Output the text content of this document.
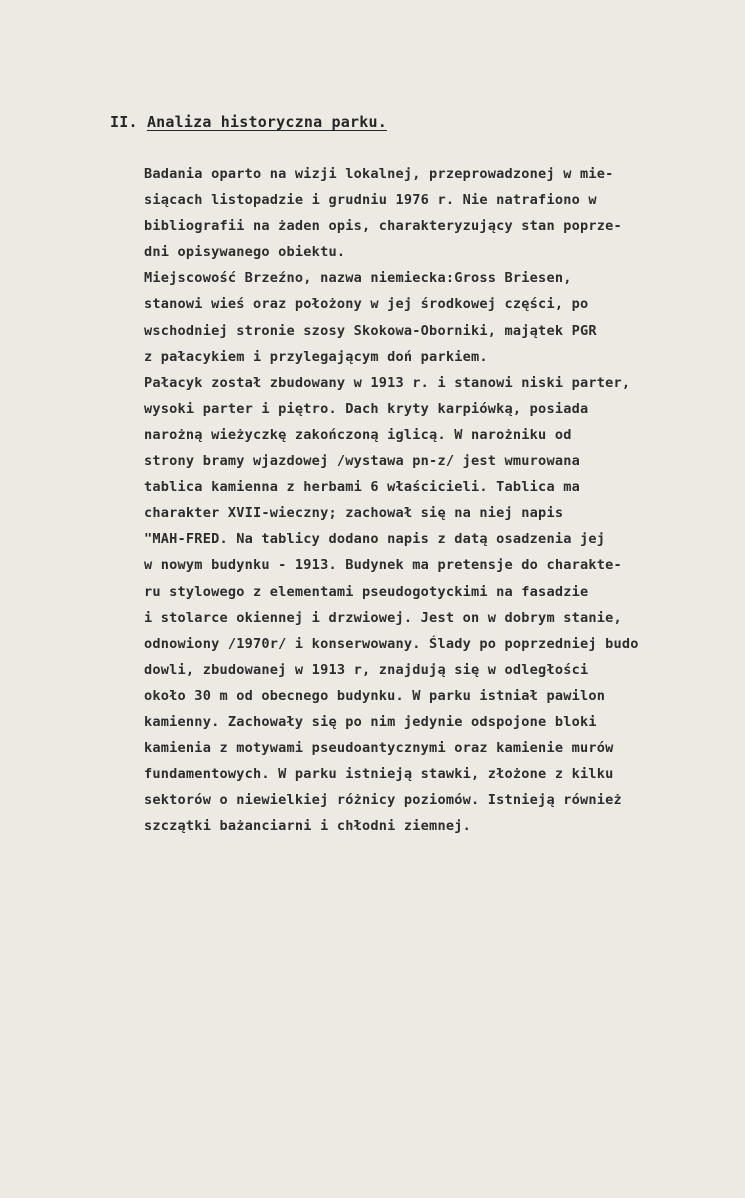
II. Analiza historyczna parku.
Badania oparto na wizji lokalnej, przeprowadzonej w mie-
siącach listopadzie i grudniu 1976 r. Nie natrafiono w
bibliografii na żaden opis, charakteryzujący stan poprze-
dni opisywanego obiektu.
Miejscowość Brzeźno, nazwa niemiecka:Gross Briesen,
stanowi wieś oraz położony w jej środkowej części, po
wschodniej stronie szosy Skokowa-Oborniki, majątek PGR
z pałacykiem i przylegającym doń parkiem.
Pałacyk został zbudowany w 1913 r. i stanowi niski parter,
wysoki parter i piętro. Dach kryty karpiówką, posiada
narożną wieżyczkę zakończoną iglicą. W narożniku od
strony bramy wjazdowej /wystawa pn-z/ jest wmurowana
tablica kamienna z herbami 6 właścicieli. Tablica ma
charakter XVII-wieczny; zachował się na niej napis
"MAH-FRED. Na tablicy dodano napis z datą osadzenia jej
w nowym budynku - 1913. Budynek ma pretensje do charakte-
ru stylowego z elementami pseudogotyckimi na fasadzie
i stolarce okiennej i drzwiowej. Jest on w dobrym stanie,
odnowiony /1970r/ i konserwowany. Ślady po poprzedniej budo
dowli, zbudowanej w 1913 r, znajdują się w odległości
około 30 m od obecnego budynku. W parku istniał pawilon
kamienny. Zachowały się po nim jedynie odspojone bloki
kamienia z motywami pseudoantycznymi oraz kamienie murów
fundamentowych. W parku istnieją stawki, złożone z kilku
sektorów o niewielkiej różnicy poziomów. Istnieją również
szczątki bażanciarni i chłodni ziemnej.
